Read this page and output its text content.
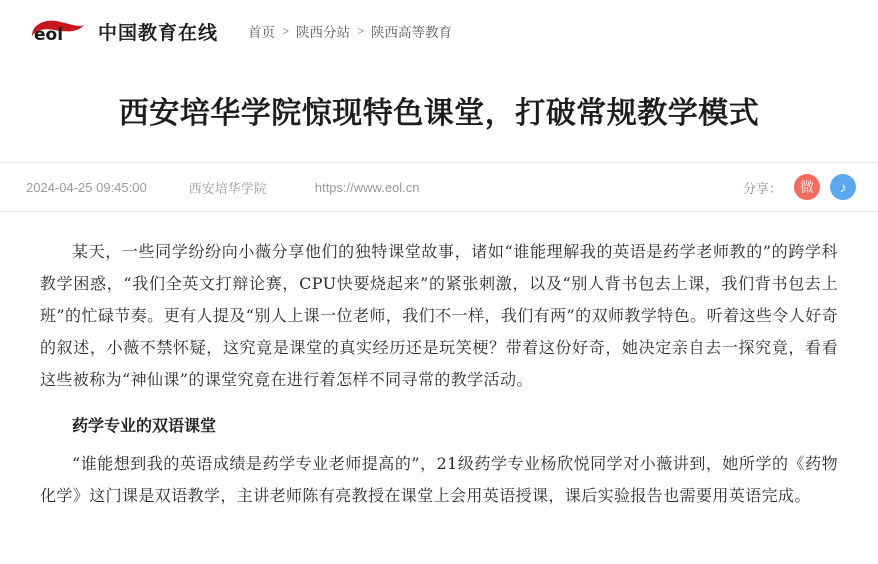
eol 中国教育在线 首页 > 陕西分站 > 陕西高等教育
西安培华学院惊现特色课堂，打破常规教学模式
2024-04-25 09:45:00	西安培华学院	https://www.eol.cn	分享：	微	♪

某天，一些同学纷纷向小薇分享他们的独特课堂故事，诸如“谁能理解我的英语是药学老师教的”的跨学科教学困惑，“我们全英文打辩论赛，CPU快要烧起来”的紧张刺激，以及“别人背书包去上课，我们背书包去上班”的忙碌节奏。更有人提及“别人上课一位老师，我们不一样，我们有两”的双师教学特色。听着这些令人好奇的叙述，小薇不禁怀疑，这究竟是课堂的真实经历还是玩笑梗？带着这份好奇，她决定亲自去一探究竟，看看这些被称为“神仙课”的课堂究竟在进行着怎样不同寻常的教学活动。

药学专业的双语课堂

“谁能想到我的英语成绩是药学专业老师提高的”，21级药学专业杨欣悦同学对小薇讲到，她所学的《药物化学》这门课是双语教学，主讲老师陈有亮教授在课堂上会用英语授课，课后实验报告也需要用英语完成。
